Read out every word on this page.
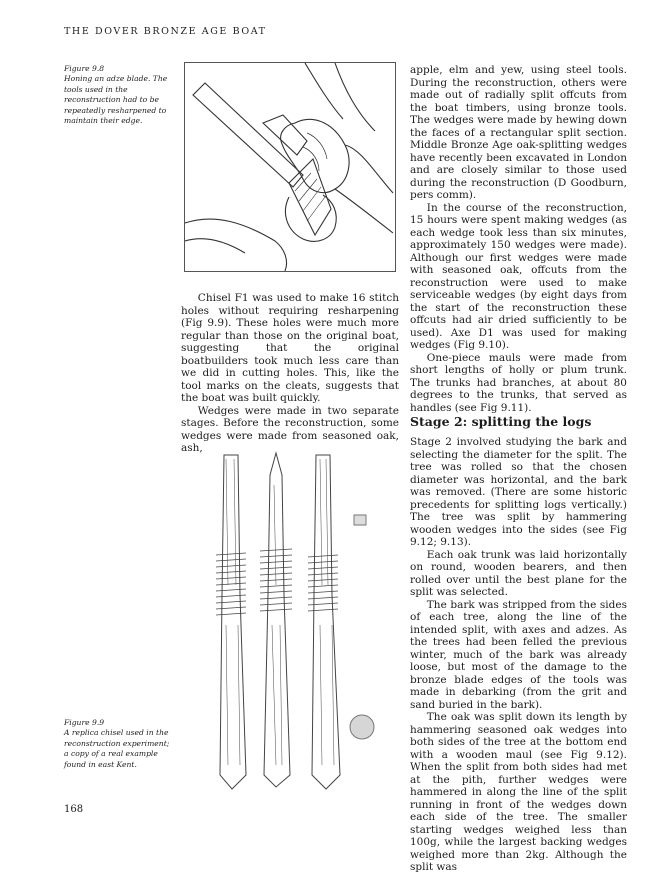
THE DOVER BRONZE AGE BOAT
Figure 9.8

Honing an adze blade. The tools used in the reconstruction had to be repeatedly resharpened to maintain their edge.

Chisel F1 was used to make 16 stitch holes without requiring resharpening (Fig 9.9). These holes were much more regular than those on the original boat, suggesting that the original boatbuilders took much less care than we did in cutting holes. This, like the tool marks on the cleats, suggests that the boat was built quickly.

Wedges were made in two separate stages. Before the reconstruction, some wedges were made from seasoned oak, ash,

Figure 9.9

A replica chisel used in the reconstruction experiment; a copy of a real example found in east Kent.

apple, elm and yew, using steel tools. During the reconstruction, others were made out of radially split offcuts from the boat timbers, using bronze tools. The wedges were made by hewing down the faces of a rectangular split section. Middle Bronze Age oak-splitting wedges have recently been excavated in London and are closely similar to those used during the reconstruction (D Goodburn, pers comm).

In the course of the reconstruction, 15 hours were spent making wedges (as each wedge took less than six minutes, approximately 150 wedges were made). Although our first wedges were made with seasoned oak, offcuts from the reconstruction were used to make serviceable wedges (by eight days from the start of the reconstruction these offcuts had air dried sufficiently to be used). Axe D1 was used for making wedges (Fig 9.10).

One-piece mauls were made from short lengths of holly or plum trunk. The trunks had branches, at about 80 degrees to the trunks, that served as handles (see Fig 9.11).

Stage 2: splitting the logs

Stage 2 involved studying the bark and selecting the diameter for the split. The tree was rolled so that the chosen diameter was horizontal, and the bark was removed. (There are some historic precedents for splitting logs vertically.) The tree was split by hammering wooden wedges into the sides (see Fig 9.12; 9.13).

Each oak trunk was laid horizontally on round, wooden bearers, and then rolled over until the best plane for the split was selected.

The bark was stripped from the sides of each tree, along the line of the intended split, with axes and adzes. As the trees had been felled the previous winter, much of the bark was already loose, but most of the damage to the bronze blade edges of the tools was made in debarking (from the grit and sand buried in the bark).

The oak was split down its length by hammering seasoned oak wedges into both sides of the tree at the bottom end with a wooden maul (see Fig 9.12). When the split from both sides had met at the pith, further wedges were hammered in along the line of the split running in front of the wedges down each side of the tree. The smaller starting wedges weighed less than 100g, while the largest backing wedges weighed more than 2kg. Although the split was

168
